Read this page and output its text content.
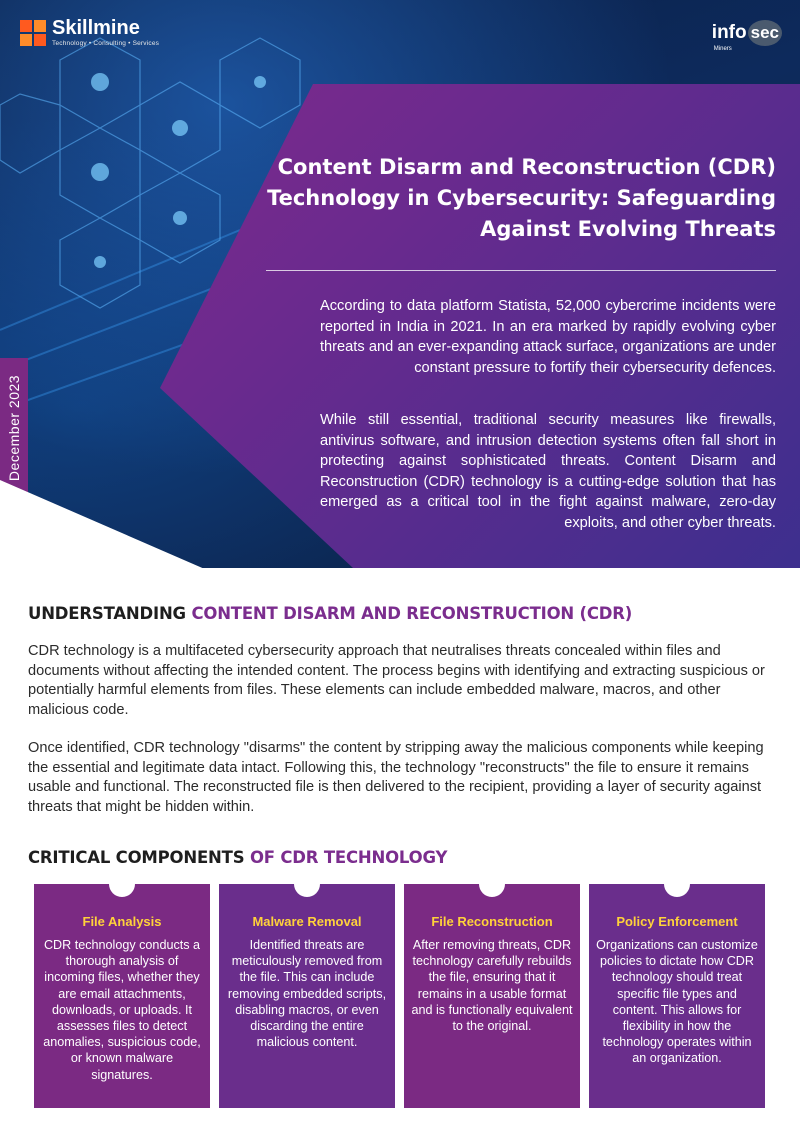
Skillmine
Technology • Consulting • Services
info sec
Miners
Content Disarm and Reconstruction (CDR) Technology in Cybersecurity: Safeguarding Against Evolving Threats

According to data platform Statista, 52,000 cybercrime incidents were reported in India in 2021. In an era marked by rapidly evolving cyber threats and an ever-expanding attack surface, organizations are under constant pressure to fortify their cybersecurity defences.

While still essential, traditional security measures like firewalls, antivirus software, and intrusion detection systems often fall short in protecting against sophisticated threats. Content Disarm and Reconstruction (CDR) technology is a cutting-edge solution that has emerged as a critical tool in the fight against malware, zero-day exploits, and other cyber threats.

December 2023
UNDERSTANDING CONTENT DISARM AND RECONSTRUCTION (CDR)

CDR technology is a multifaceted cybersecurity approach that neutralises threats concealed within files and documents without affecting the intended content. The process begins with identifying and extracting suspicious or potentially harmful elements from files. These elements can include embedded malware, macros, and other malicious code.

Once identified, CDR technology "disarms" the content by stripping away the malicious components while keeping the essential and legitimate data intact. Following this, the technology "reconstructs" the file to ensure it remains usable and functional. The reconstructed file is then delivered to the recipient, providing a layer of security against threats that might be hidden within.

CRITICAL COMPONENTS OF CDR TECHNOLOGY
File Analysis
CDR technology conducts a thorough analysis of incoming files, whether they are email attachments, downloads, or uploads. It assesses files to detect anomalies, suspicious code, or known malware signatures.
Malware Removal
Identified threats are meticulously removed from the file. This can include removing embedded scripts, disabling macros, or even discarding the entire malicious content.
File Reconstruction
After removing threats, CDR technology carefully rebuilds the file, ensuring that it remains in a usable format and is functionally equivalent to the original.
Policy Enforcement
Organizations can customize policies to dictate how CDR technology should treat specific file types and content. This allows for flexibility in how the technology operates within an organization.
